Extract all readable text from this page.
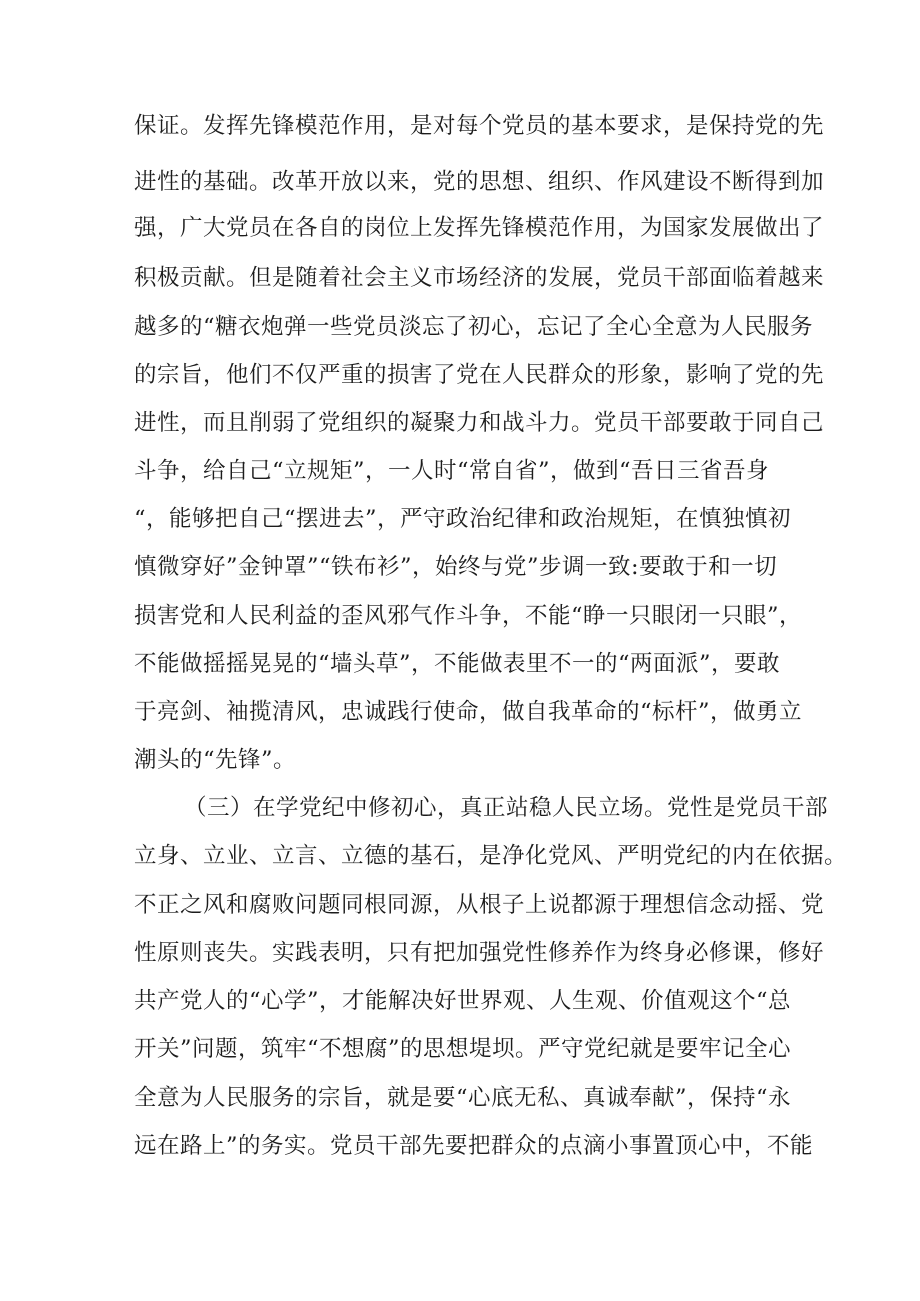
保证。发挥先锋模范作用，是对每个党员的基本要求，是保持党的先
进性的基础。改革开放以来，党的思想、组织、作风建设不断得到加
强，广大党员在各自的岗位上发挥先锋模范作用，为国家发展做出了
积极贡献。但是随着社会主义市场经济的发展，党员干部面临着越来
越多的“糖衣炮弹一些党员淡忘了初心，忘记了全心全意为人民服务
的宗旨，他们不仅严重的损害了党在人民群众的形象，影响了党的先
进性，而且削弱了党组织的凝聚力和战斗力。党员干部要敢于同自己
斗争，给自己“立规矩”，一人时“常自省”，做到“吾日三省吾身
“，能够把自己“摆进去”，严守政治纪律和政治规矩，在慎独慎初
慎微穿好”金钟罩”“铁布衫”，始终与党”步调一致:要敢于和一切
损害党和人民利益的歪风邪气作斗争，不能“睁一只眼闭一只眼”，
不能做摇摇晃晃的“墙头草”，不能做表里不一的“两面派”，要敢
于亮剑、袖揽清风，忠诚践行使命，做自我革命的“标杆”，做勇立
潮头的“先锋”。
（三）在学党纪中修初心，真正站稳人民立场。党性是党员干部
立身、立业、立言、立德的基石，是净化党风、严明党纪的内在依据。
不正之风和腐败问题同根同源，从根子上说都源于理想信念动摇、党
性原则丧失。实践表明，只有把加强党性修养作为终身必修课，修好
共产党人的“心学”，才能解决好世界观、人生观、价值观这个“总
开关”问题，筑牢“不想腐”的思想堤坝。严守党纪就是要牢记全心
全意为人民服务的宗旨，就是要“心底无私、真诚奉献”，保持“永
远在路上”的务实。党员干部先要把群众的点滴小事置顶心中，不能
